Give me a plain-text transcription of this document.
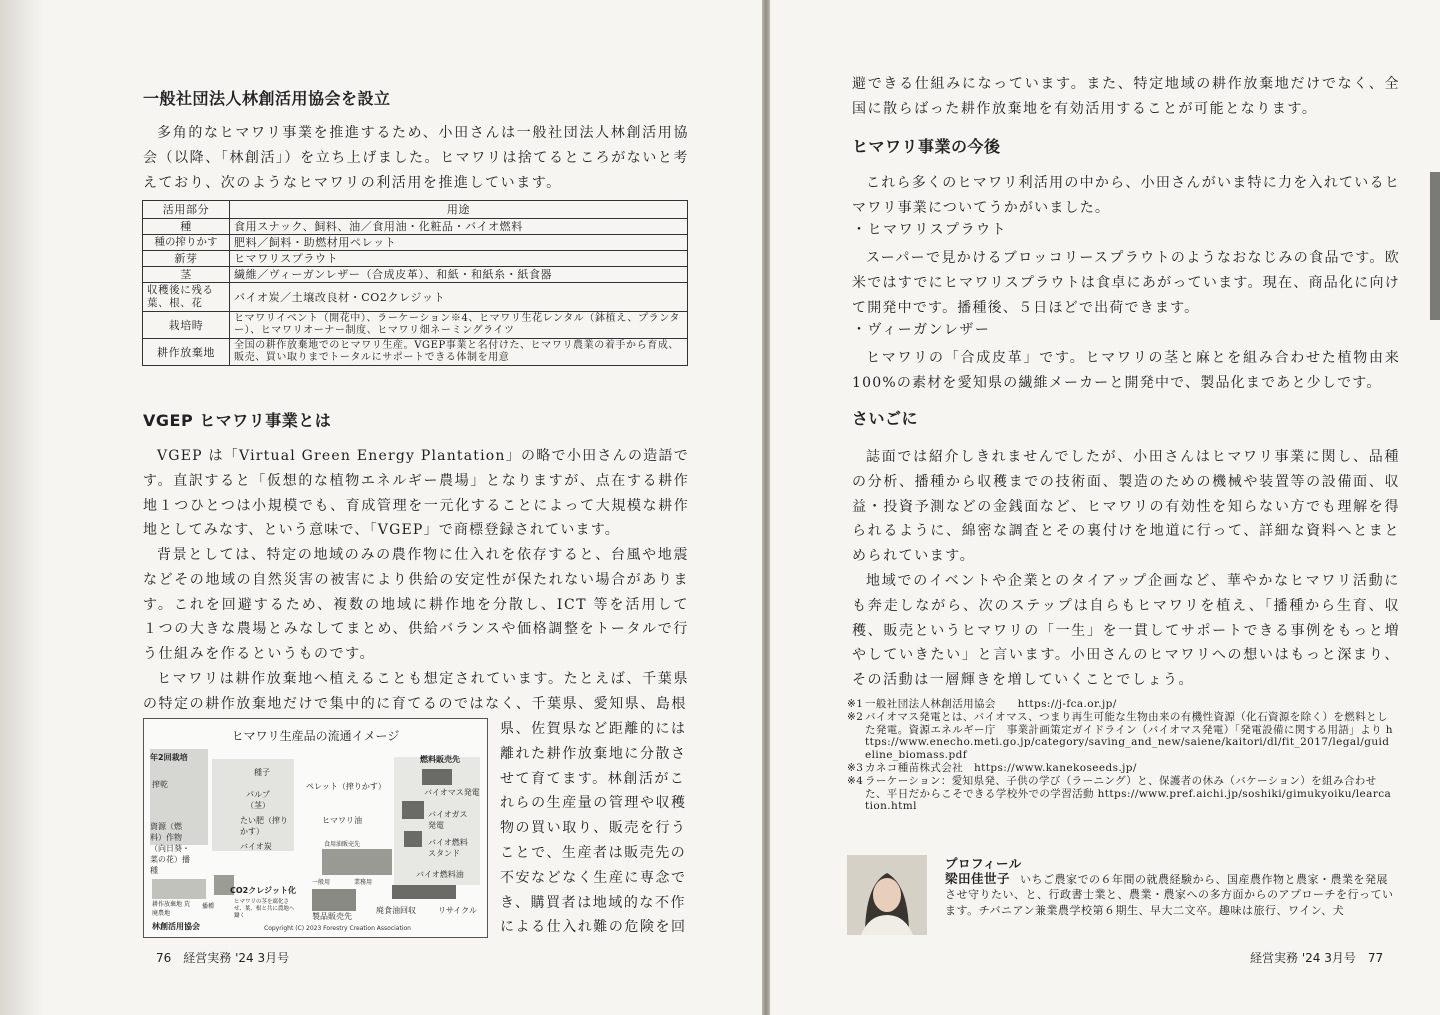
一般社団法人林創活用協会を設立

多角的なヒマワリ事業を推進するため、小田さんは一般社団法人林創活用協会（以降、「林創活」）を立ち上げました。ヒマワリは捨てるところがないと考えており、次のようなヒマワリの利活用を推進しています。

活用部分	用途
種	食用スナック、飼料、油／食用油・化粧品・バイオ燃料
種の搾りかす	肥料／飼料・助燃材用ペレット
新芽	ヒマワリスプラウト
茎	繊維／ヴィーガンレザー（合成皮革）、和紙・和紙糸・紙食器
収穫後に残る葉、根、花	バイオ炭／土壌改良材・CO2クレジット
栽培時	ヒマワリイベント（開花中）、ラーケーション※4、ヒマワリ生花レンタル（鉢植え、プランター）、ヒマワリオーナー制度、ヒマワリ畑ネーミングライツ
耕作放棄地	全国の耕作放棄地でのヒマワリ生産。VGEP事業と名付けた、ヒマワリ農業の着手から育成、販売、買い取りまでトータルにサポートできる体制を用意
VGEP ヒマワリ事業とは

VGEP は「Virtual Green Energy Plantation」の略で小田さんの造語です。直訳すると「仮想的な植物エネルギー農場」となりますが、点在する耕作地１つひとつは小規模でも、育成管理を一元化することによって大規模な耕作地としてみなす、という意味で、「VGEP」で商標登録されています。

背景としては、特定の地域のみの農作物に仕入れを依存すると、台風や地震などその地域の自然災害の被害により供給の安定性が保たれない場合があります。これを回避するため、複数の地域に耕作地を分散し、ICT 等を活用して１つの大きな農場とみなしてまとめ、供給バランスや価格調整をトータルで行う仕組みを作るというものです。

ヒマワリは耕作放棄地へ植えることも想定されています。たとえば、千葉県の特定の耕作放棄地だけで集中的に育てるのではなく、千葉県、愛知県、島根

ヒマワリ生産品の流通イメージ
年2回栽培
種子
パルプ（茎）
たい肥（搾りかす）
バイオ炭
ペレット（搾りかす）
ヒマワリ油
食用油販売先
一般用	業務用
燃料販売先
バイオマス発電
バイオガス発電
バイオ燃料スタンド
バイオ燃料油
CO2クレジット化
製品販売先
廃食油回収	リサイクル
耕作放棄地 荒廃農地
播種
ヒマワリの茎を腐化させ、葉、根と共に農地へ鋤く
資源（燃料）作物（向日葵・菜の花）播種
搾乾
林創活用協会	Copyright (C) 2023 Forestry Creation Association

県、佐賀県など距離的には離れた耕作放棄地に分散させて育てます。林創活がこれらの生産量の管理や収穫物の買い取り、販売を行うことで、生産者は販売先の不安などなく生産に専念でき、購買者は地域的な不作による仕入れ難の危険を回

76　経営実務 '24 3月号

避できる仕組みになっています。また、特定地域の耕作放棄地だけでなく、全国に散らばった耕作放棄地を有効活用することが可能となります。

ヒマワリ事業の今後

これら多くのヒマワリ利活用の中から、小田さんがいま特に力を入れているヒマワリ事業についてうかがいました。

・ヒマワリスプラウト

スーパーで見かけるブロッコリースプラウトのようなおなじみの食品です。欧米ではすでにヒマワリスプラウトは食卓にあがっています。現在、商品化に向けて開発中です。播種後、５日ほどで出荷できます。

・ヴィーガンレザー

ヒマワリの「合成皮革」です。ヒマワリの茎と麻とを組み合わせた植物由来100%の素材を愛知県の繊維メーカーと開発中で、製品化まであと少しです。

さいごに

誌面では紹介しきれませんでしたが、小田さんはヒマワリ事業に関し、品種の分析、播種から収穫までの技術面、製造のための機械や装置等の設備面、収益・投資予測などの金銭面など、ヒマワリの有効性を知らない方でも理解を得られるように、綿密な調査とその裏付けを地道に行って、詳細な資料へとまとめられています。

地域でのイベントや企業とのタイアップ企画など、華やかなヒマワリ活動にも奔走しながら、次のステップは自らもヒマワリを植え、「播種から生育、収穫、販売というヒマワリの「一生」を一貫してサポートできる事例をもっと増やしていきたい」と言います。小田さんのヒマワリへの想いはもっと深まり、その活動は一層輝きを増していくことでしょう。

経営実務 '24 3月号　77
※1 一般社団法人林創活用協会　　https://j-fca.or.jp/
※2 バイオマス発電とは、バイオマス、つまり再生可能な生物由来の有機性資源（化石資源を除く）を燃料とした発電。資源エネルギー庁　事業計画策定ガイドライン（バイオマス発電）「発電設備に関する用語」より https://www.enecho.meti.go.jp/category/saving_and_new/saiene/kaitori/dl/fit_2017/legal/guideline_biomass.pdf
※3 カネコ種苗株式会社　https://www.kanekoseeds.jp/
※4 ラーケーション：愛知県発、子供の学び（ラーニング）と、保護者の休み（バケーション）を組み合わせた、平日だからこそできる学校外での学習活動 https://www.pref.aichi.jp/soshiki/gimukyoiku/learcation.html
プロフィール
梁田佳世子 いちご農家での６年間の就農経験から、国産農作物と農家・農業を発展させ守りたい、と、行政書士業と、農業・農家への多方面からのアプローチを行っています。チバニアン兼業農学校第６期生、早大二文卒。趣味は旅行、ワイン、犬
